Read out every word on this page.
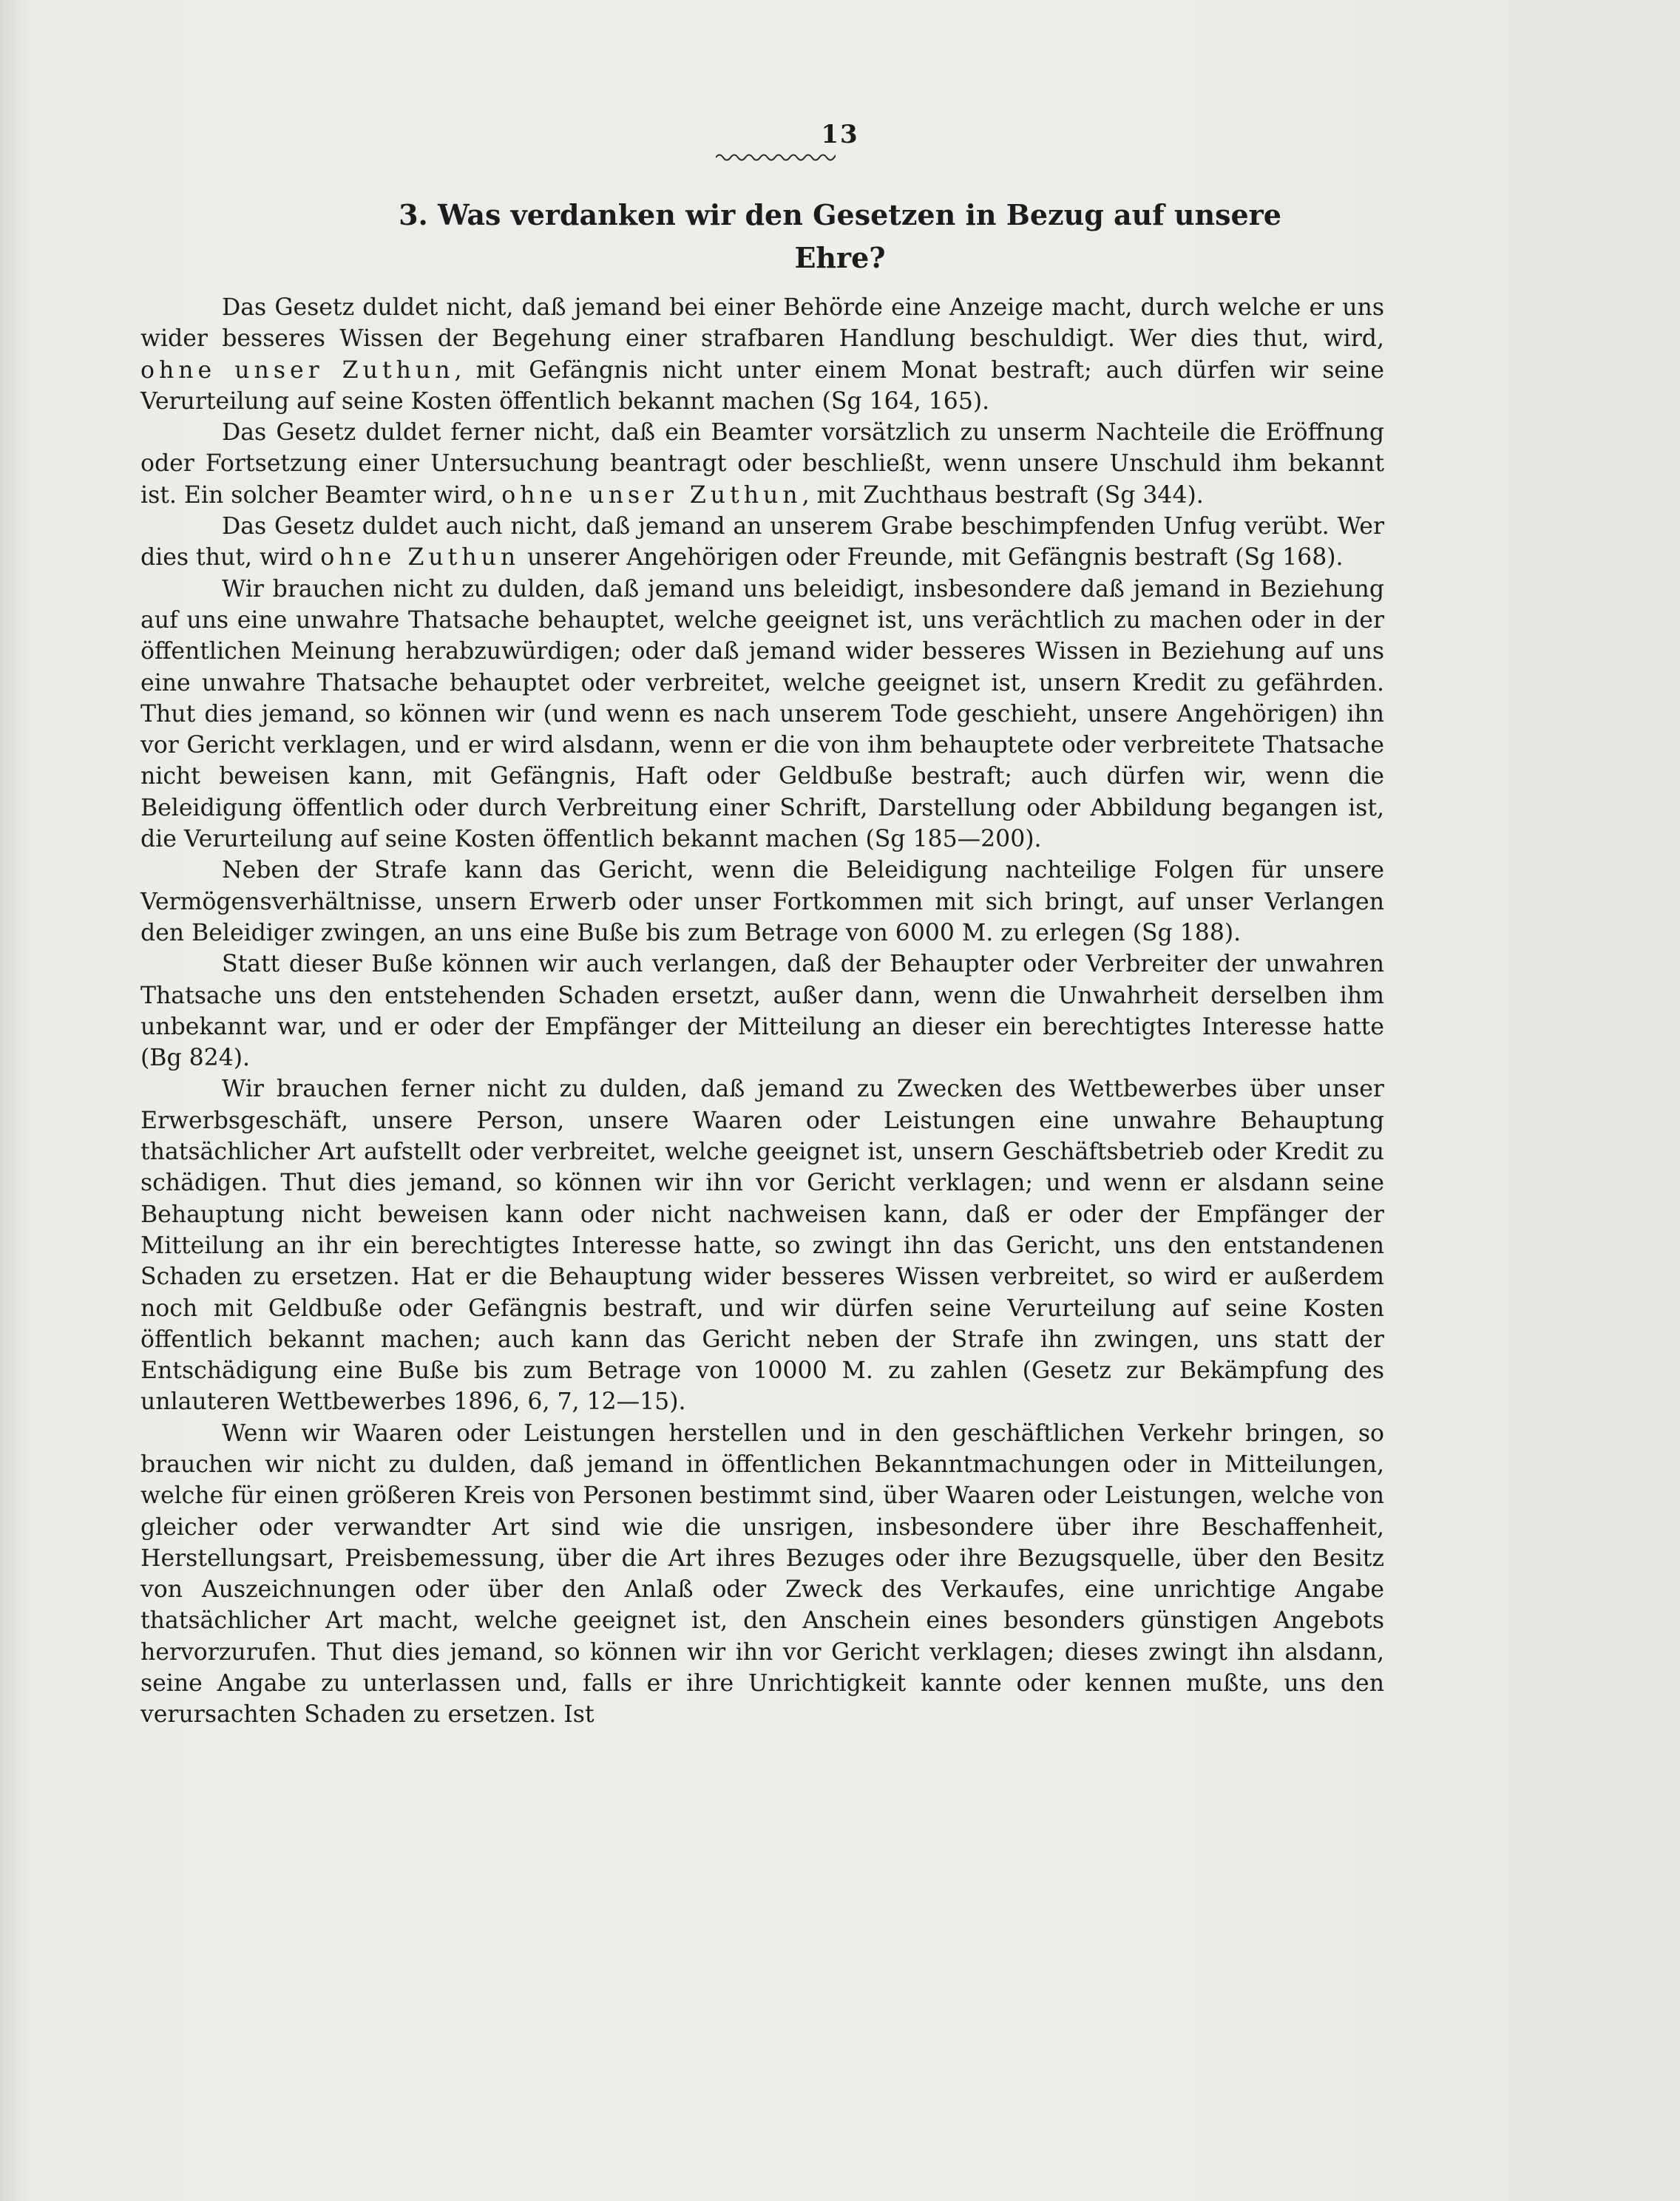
13
3. Was verdanken wir den Gesetzen in Bezug auf unsere
Ehre?

Das Gesetz duldet nicht, daß jemand bei einer Behörde eine Anzeige macht, durch welche er uns wider besseres Wissen der Begehung einer strafbaren Handlung beschuldigt. Wer dies thut, wird, ohne unser Zuthun, mit Gefängnis nicht unter einem Monat bestraft; auch dürfen wir seine Verurteilung auf seine Kosten öffentlich bekannt machen (Sg 164, 165).

Das Gesetz duldet ferner nicht, daß ein Beamter vorsätzlich zu unserm Nachteile die Eröffnung oder Fortsetzung einer Untersuchung beantragt oder beschließt, wenn unsere Unschuld ihm bekannt ist. Ein solcher Beamter wird, ohne unser Zuthun, mit Zuchthaus bestraft (Sg 344).

Das Gesetz duldet auch nicht, daß jemand an unserem Grabe beschimpfenden Unfug verübt. Wer dies thut, wird ohne Zuthun unserer Angehörigen oder Freunde, mit Gefängnis bestraft (Sg 168).

Wir brauchen nicht zu dulden, daß jemand uns beleidigt, insbesondere daß jemand in Beziehung auf uns eine unwahre Thatsache behauptet, welche geeignet ist, uns verächtlich zu machen oder in der öffentlichen Meinung herabzuwürdigen; oder daß jemand wider besseres Wissen in Beziehung auf uns eine unwahre Thatsache behauptet oder verbreitet, welche geeignet ist, unsern Kredit zu gefährden. Thut dies jemand, so können wir (und wenn es nach unserem Tode geschieht, unsere Angehörigen) ihn vor Gericht verklagen, und er wird alsdann, wenn er die von ihm behauptete oder verbreitete Thatsache nicht beweisen kann, mit Gefängnis, Haft oder Geldbuße bestraft; auch dürfen wir, wenn die Beleidigung öffentlich oder durch Verbreitung einer Schrift, Darstellung oder Abbildung begangen ist, die Verurteilung auf seine Kosten öffentlich bekannt machen (Sg 185—200).

Neben der Strafe kann das Gericht, wenn die Beleidigung nachteilige Folgen für unsere Vermögensverhältnisse, unsern Erwerb oder unser Fortkommen mit sich bringt, auf unser Verlangen den Beleidiger zwingen, an uns eine Buße bis zum Betrage von 6000 M. zu erlegen (Sg 188).

Statt dieser Buße können wir auch verlangen, daß der Behaupter oder Verbreiter der unwahren Thatsache uns den entstehenden Schaden ersetzt, außer dann, wenn die Unwahrheit derselben ihm unbekannt war, und er oder der Empfänger der Mitteilung an dieser ein berechtigtes Interesse hatte (Bg 824).

Wir brauchen ferner nicht zu dulden, daß jemand zu Zwecken des Wettbewerbes über unser Erwerbsgeschäft, unsere Person, unsere Waaren oder Leistungen eine unwahre Behauptung thatsächlicher Art aufstellt oder verbreitet, welche geeignet ist, unsern Geschäftsbetrieb oder Kredit zu schädigen. Thut dies jemand, so können wir ihn vor Gericht verklagen; und wenn er alsdann seine Behauptung nicht beweisen kann oder nicht nachweisen kann, daß er oder der Empfänger der Mitteilung an ihr ein berechtigtes Interesse hatte, so zwingt ihn das Gericht, uns den entstandenen Schaden zu ersetzen. Hat er die Behauptung wider besseres Wissen verbreitet, so wird er außerdem noch mit Geldbuße oder Gefängnis bestraft, und wir dürfen seine Verurteilung auf seine Kosten öffentlich bekannt machen; auch kann das Gericht neben der Strafe ihn zwingen, uns statt der Entschädigung eine Buße bis zum Betrage von 10000 M. zu zahlen (Gesetz zur Bekämpfung des unlauteren Wettbewerbes 1896, 6, 7, 12—15).

Wenn wir Waaren oder Leistungen herstellen und in den geschäftlichen Verkehr bringen, so brauchen wir nicht zu dulden, daß jemand in öffentlichen Bekanntmachungen oder in Mitteilungen, welche für einen größeren Kreis von Personen bestimmt sind, über Waaren oder Leistungen, welche von gleicher oder verwandter Art sind wie die unsrigen, insbesondere über ihre Beschaffenheit, Herstellungsart, Preisbemessung, über die Art ihres Bezuges oder ihre Bezugsquelle, über den Besitz von Auszeichnungen oder über den Anlaß oder Zweck des Verkaufes, eine unrichtige Angabe thatsächlicher Art macht, welche geeignet ist, den Anschein eines besonders günstigen Angebots hervorzurufen. Thut dies jemand, so können wir ihn vor Gericht verklagen; dieses zwingt ihn alsdann, seine Angabe zu unterlassen und, falls er ihre Unrichtigkeit kannte oder kennen mußte, uns den verursachten Schaden zu ersetzen. Ist
